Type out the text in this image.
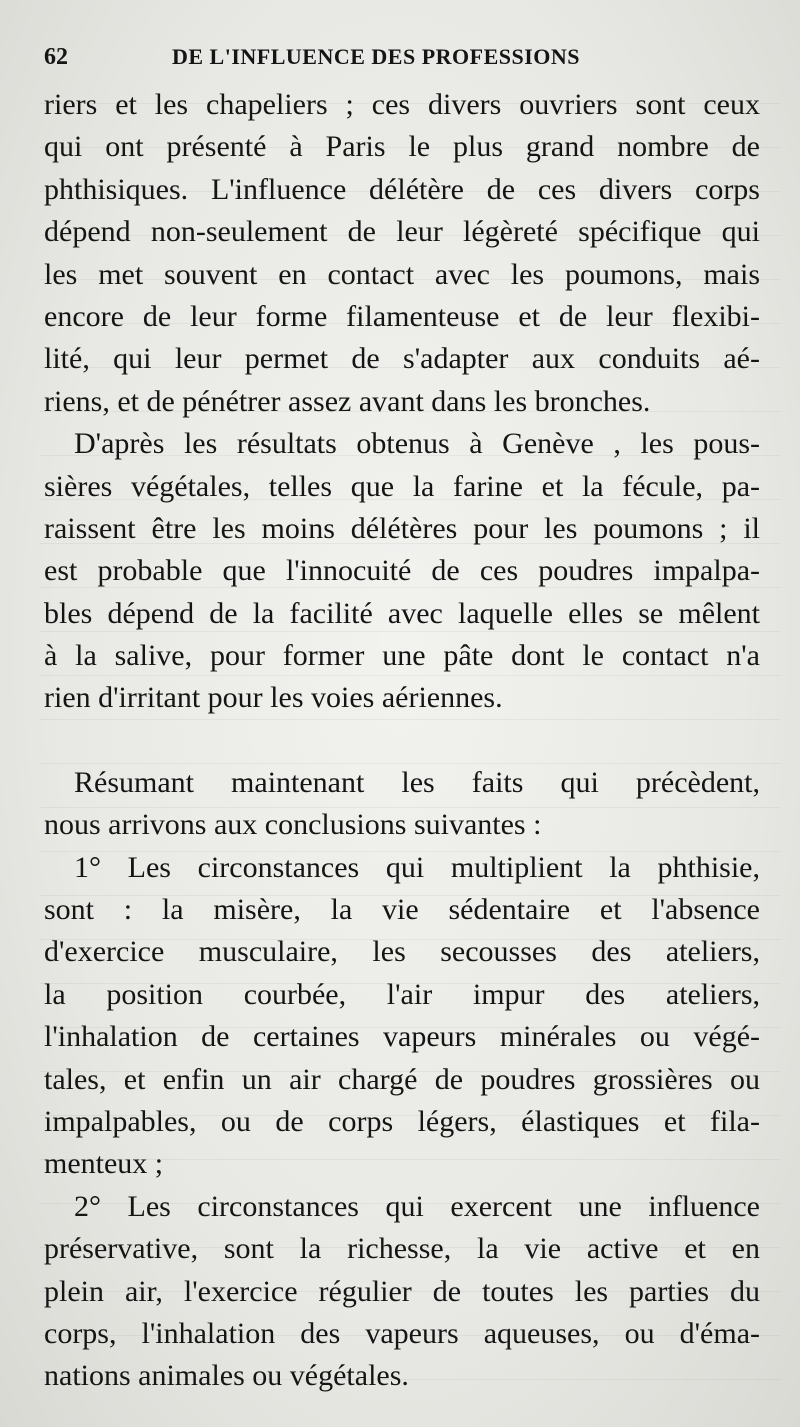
62	DE L'INFLUENCE DES PROFESSIONS

riers et les chapeliers ; ces divers ouvriers sont ceux
qui ont présenté à Paris le plus grand nombre de
phthisiques. L'influence délétère de ces divers corps
dépend non-seulement de leur légèreté spécifique qui
les met souvent en contact avec les poumons, mais
encore de leur forme filamenteuse et de leur flexibi-
lité, qui leur permet de s'adapter aux conduits aé-
riens, et de pénétrer assez avant dans les bronches.

D'après les résultats obtenus à Genève , les pous-
sières végétales, telles que la farine et la fécule, pa-
raissent être les moins délétères pour les poumons ; il
est probable que l'innocuité de ces poudres impalpa-
bles dépend de la facilité avec laquelle elles se mêlent
à la salive, pour former une pâte dont le contact n'a
rien d'irritant pour les voies aériennes.

Résumant maintenant les faits qui précèdent,
nous arrivons aux conclusions suivantes :

1° Les circonstances qui multiplient la phthisie,
sont : la misère, la vie sédentaire et l'absence
d'exercice musculaire, les secousses des ateliers,
la position courbée, l'air impur des ateliers,
l'inhalation de certaines vapeurs minérales ou végé-
tales, et enfin un air chargé de poudres grossières ou
impalpables, ou de corps légers, élastiques et fila-
menteux ;

2° Les circonstances qui exercent une influence
préservative, sont la richesse, la vie active et en
plein air, l'exercice régulier de toutes les parties du
corps, l'inhalation des vapeurs aqueuses, ou d'éma-
nations animales ou végétales.
